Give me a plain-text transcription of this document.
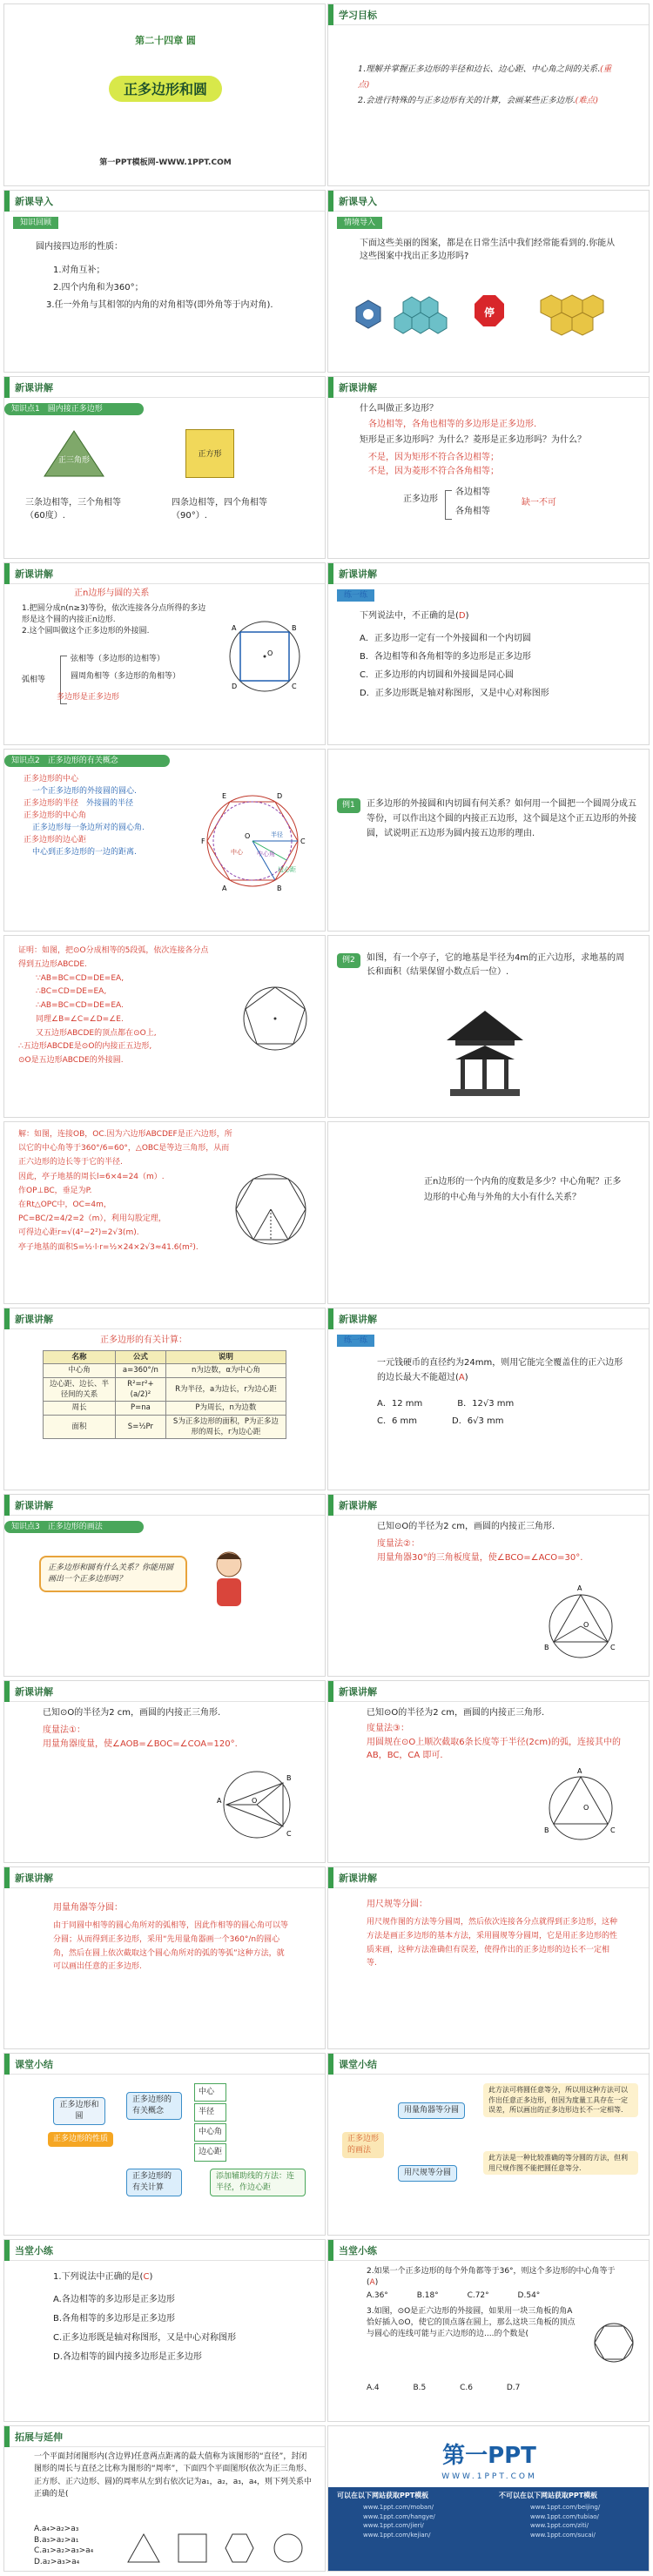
第二十四章 圆
正多边形和圆
第一PPT模板网-WWW.1PPT.COM
学习目标
1.理解并掌握正多边形的半径和边长、边心距、中心角之间的关系.(重点)
2.会进行特殊的与正多边形有关的计算，会画某些正多边形.(难点)
新课导入
知识回顾
圆内接四边形的性质：
1.对角互补；
2.四个内角和为360°；
3.任一外角与其相邻的内角的对角相等(即外角等于内对角).
新课导入
情境导入
下面这些美丽的图案，都是在日常生活中我们经常能看到的.你能从这些图案中找出正多边形吗?
停
新课讲解
知识点1　圆内接正多边形
正三角形
正方形
三条边相等，三个角相等（60度）.
四条边相等，四个角相等（90°）.
新课讲解
什么叫做正多边形？
各边相等，各角也相等的多边形是正多边形.
矩形是正多边形吗？为什么？菱形是正多边形吗？为什么？
不是，因为矩形不符合各边相等；
不是，因为菱形不符合各角相等；
正多边形
各边相等
各角相等
缺一不可
新课讲解
正n边形与圆的关系
1.把圆分成n(n≥3)等份，依次连接各分点所得的多边形是这个圆的内接正n边形.
2.这个圆叫做这个正多边形的外接圆.
弧相等
弦相等（多边形的边相等）
圆周角相等（多边形的角相等）
多边形是正多边形
A	B
C
D
O
新课讲解
练一练
下列说法中，不正确的是(D)
A．正多边形一定有一个外接圆和一个内切圆
B．各边相等和各角相等的多边形是正多边形
C．正多边形的内切圆和外接圆是同心圆
D．正多边形既是轴对称图形，又是中心对称图形
知识点2　正多边形的有关概念
正多边形的中心
一个正多边形的外接圆的圆心.
正多边形的半径　 外接圆的半径
正多边形的中心角
正多边形每一条边所对的圆心角.
正多边形的边心距
中心到正多边形的一边的距离.
F
E	D
C
B
A
O
中心
半径
中心角
边心距
例1	正多边形的外接圆和内切圆有何关系？如何用一个圆把一个圆周分成五等份，可以作出这个圆的内接正五边形，这个圆是这个正五边形的外接圆，试说明正五边形为圆内接五边形的理由.
证明：如图，把⊙O分成相等的5段弧，依次连接各分点
得到五边形ABCDE.
∵AB=BC=CD=DE=EA,
∴BC=CD=DE=EA,
∴AB=BC=CD=DE=EA.
同理∠B=∠C=∠D=∠E.
又五边形ABCDE的顶点都在⊙O上,
∴五边形ABCDE是⊙O的内接正五边形,
⊙O是五边形ABCDE的外接圆.
例2	如图，有一个亭子，它的地基是半径为4m的正六边形，求地基的周长和面积（结果保留小数点后一位）.
解：如图，连接OB，OC.因为六边形ABCDEF是正六边形，所
以它的中心角等于360°/6=60°，△OBC是等边三角形，从而
正六边形的边长等于它的半径.
因此，亭子地基的周长l=6×4=24（m）.
作OP⊥BC，垂足为P.
在Rt△OPC中，OC=4m，
PC=BC/2=4/2=2（m），利用勾股定理，
可得边心距r=√(4²−2²)=2√3(m).
亭子地基的面积S=½·l·r=½×24×2√3≈41.6(m²).
正n边形的一个内角的度数是多少？中心角呢？正多边形的中心角与外角的大小有什么关系？
新课讲解
正多边形的有关计算：
名称	公式	说明
中心角	a=360°/n	n为边数，α为中心角
边心距、边长、半径间的关系	R²=r²+(a/2)²	R为半径，a为边长，r为边心距
周长	P=na	P为周长，n为边数
面积	S=½Pr	S为正多边形的面积，P为正多边形的周长，r为边心距
新课讲解
练一练
一元钱硬币的直径约为24mm，则用它能完全覆盖住的正六边形的边长最大不能超过(A)
A．12 mm　　　　	B．12√3 mm
C．6 mm　　　　	D．6√3 mm
新课讲解
知识点3　正多边形的画法
正多边形和圆有什么关系？你能用圆画出一个正多边形吗？
新课讲解
已知⊙O的半径为2 cm，画圆的内接正三角形.
度量法②：
用量角器30°的三角板度量，使∠BCO=∠ACO=30°.
A
B	C
O
新课讲解
已知⊙O的半径为2 cm，画圆的内接正三角形.
度量法①：
用量角器度量，使∠AOB=∠BOC=∠COA=120°.
B
C
A	O
新课讲解
已知⊙O的半径为2 cm，画圆的内接正三角形.
度量法③：
用圆规在⊙O上顺次截取6条长度等于半径(2cm)的弧，连接其中的 AB，BC，CA 即可.
A
B	C
O
新课讲解
用量角器等分圆：
由于同圆中相等的圆心角所对的弧相等，因此作相等的圆心角可以等分圆；从而得到正多边形，采用“先用量角器画一个360°/n的圆心角，然后在圆上依次截取这个圆心角所对的弧的等弧”这种方法，就可以画出任意的正多边形.
新课讲解
用尺规等分圆：
用尺规作图的方法等分圆周，然后依次连接各分点就得到正多边形，这种方法是画正多边形的基本方法，采用圆规等分圆周，它是用正多边形的性质来画，这种方法准确但有误差，使得作出的正多边形的边长不一定相等.
课堂小结
正多边形和圆
正多边形的性质
正多边形的有关概念
正多边形的有关计算
中心
半径
中心角
边心距
添加辅助线的方法：连半径，作边心距
课堂小结
正多边形的画法
用量角器等分圆
用尺规等分圆
此方法可将圆任意等分，所以用这种方法可以作出任意正多边形，但因为度量工具存在一定误差，所以画出的正多边形边长不一定相等.
此方法是一种比较准确的等分圆的方法，但利用尺规作图不能把圆任意等分.
当堂小练
1.下列说法中正确的是(C)
A.各边相等的多边形是正多边形
B.各角相等的多边形是正多边形
C.正多边形既是轴对称图形，又是中心对称图形
D.各边相等的圆内接多边形是正多边形
当堂小练
2.如果一个正多边形的每个外角都等于36°，则这个多边形的中心角等于(A)
A.36°	B.18°	C.72°	D.54°
3.如图，⊙O是正六边形的外接圆，如果用一块三角板的角A恰好插入⊙O，使它的顶点落在圆上，那么这块三角板的顶点与圆心的连线可能与正六边形的边....的个数是(
A.4	B.5	C.6	D.7
拓展与延伸
一个平面封闭图形内(含边界)任意两点距离的最大值称为该图形的“直径”，封闭图形的周长与直径之比称为图形的“周率”，下面四个平面图形(依次为正三角形、正方形、正六边形、圆)的周率从左到右依次记为a₁，a₂，a₃，a₄，则下列关系中正确的是(
A.a₄>a₂>a₃
B.a₃>a₂>a₁
C.a₁>a₂>a₃>a₄
D.a₂>a₃>a₄
第一PPT
WWW.1PPT.COM
可以在以下网站获取PPT模板	不可以在以下网站获取PPT模板
www.1ppt.com/moban/
www.1ppt.com/hangye/
www.1ppt.com/jieri/
www.1ppt.com/kejian/
www.1ppt.com/beijing/
www.1ppt.com/tubiao/
www.1ppt.com/ziti/
www.1ppt.com/sucai/
